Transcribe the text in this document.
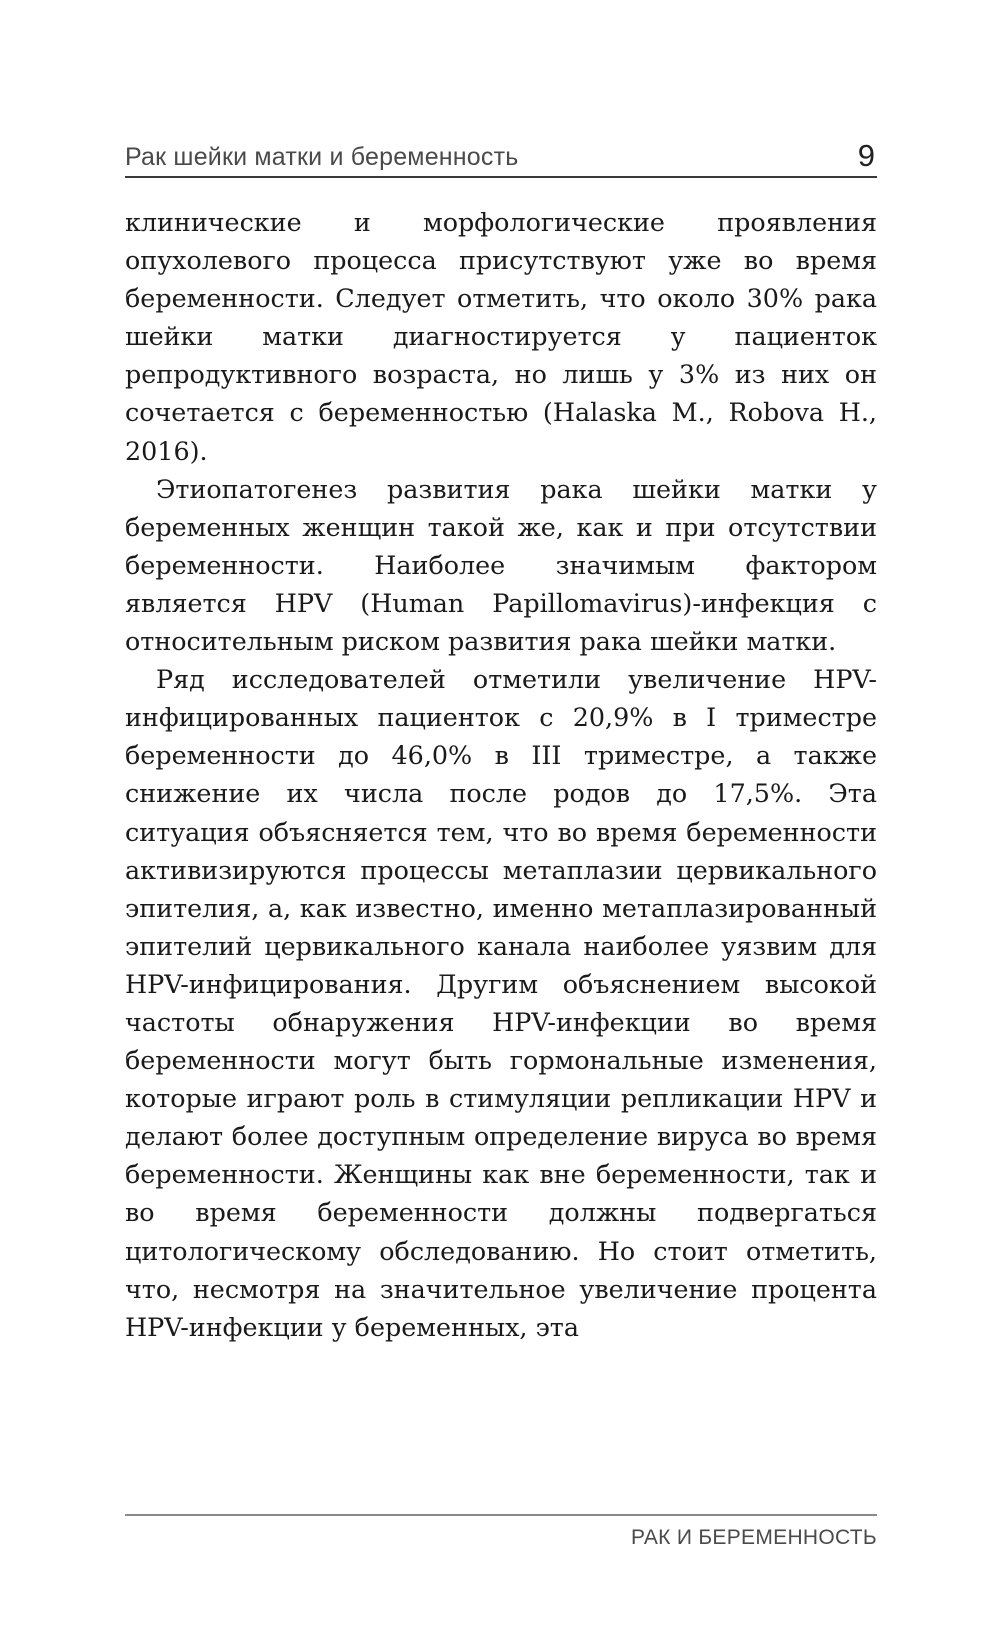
Рак шейки матки и беременность	9

клинические и морфологические проявления опухолевого процесса присутствуют уже во время беременности. Следует отметить, что около 30% рака шейки матки диагностируется у пациенток репродуктивного возраста, но лишь у 3% из них он сочетается с беременностью (Halaska M., Robova H., 2016).

Этиопатогенез развития рака шейки матки у беременных женщин такой же, как и при отсутствии беременности. Наиболее значимым фактором является HPV (Human Papillomavirus)-инфекция с относительным риском развития рака шейки матки.

Ряд исследователей отметили увеличение HPV-инфицированных пациенток с 20,9% в I триместре беременности до 46,0% в III триместре, а также снижение их числа после родов до 17,5%. Эта ситуация объясняется тем, что во время беременности активизируются процессы метаплазии цервикального эпителия, а, как известно, именно метаплазированный эпителий цервикального канала наиболее уязвим для HPV-инфицирования. Другим объяснением высокой частоты обнаружения HPV-инфекции во время беременности могут быть гормональные изменения, которые играют роль в стимуляции репликации HPV и делают более доступным определение вируса во время беременности. Женщины как вне беременности, так и во время беременности должны подвергаться цитологическому обследованию. Но стоит отметить, что, несмотря на значительное увеличение процента HPV-инфекции у беременных, эта

РАК И БЕРЕМЕННОСТЬ
